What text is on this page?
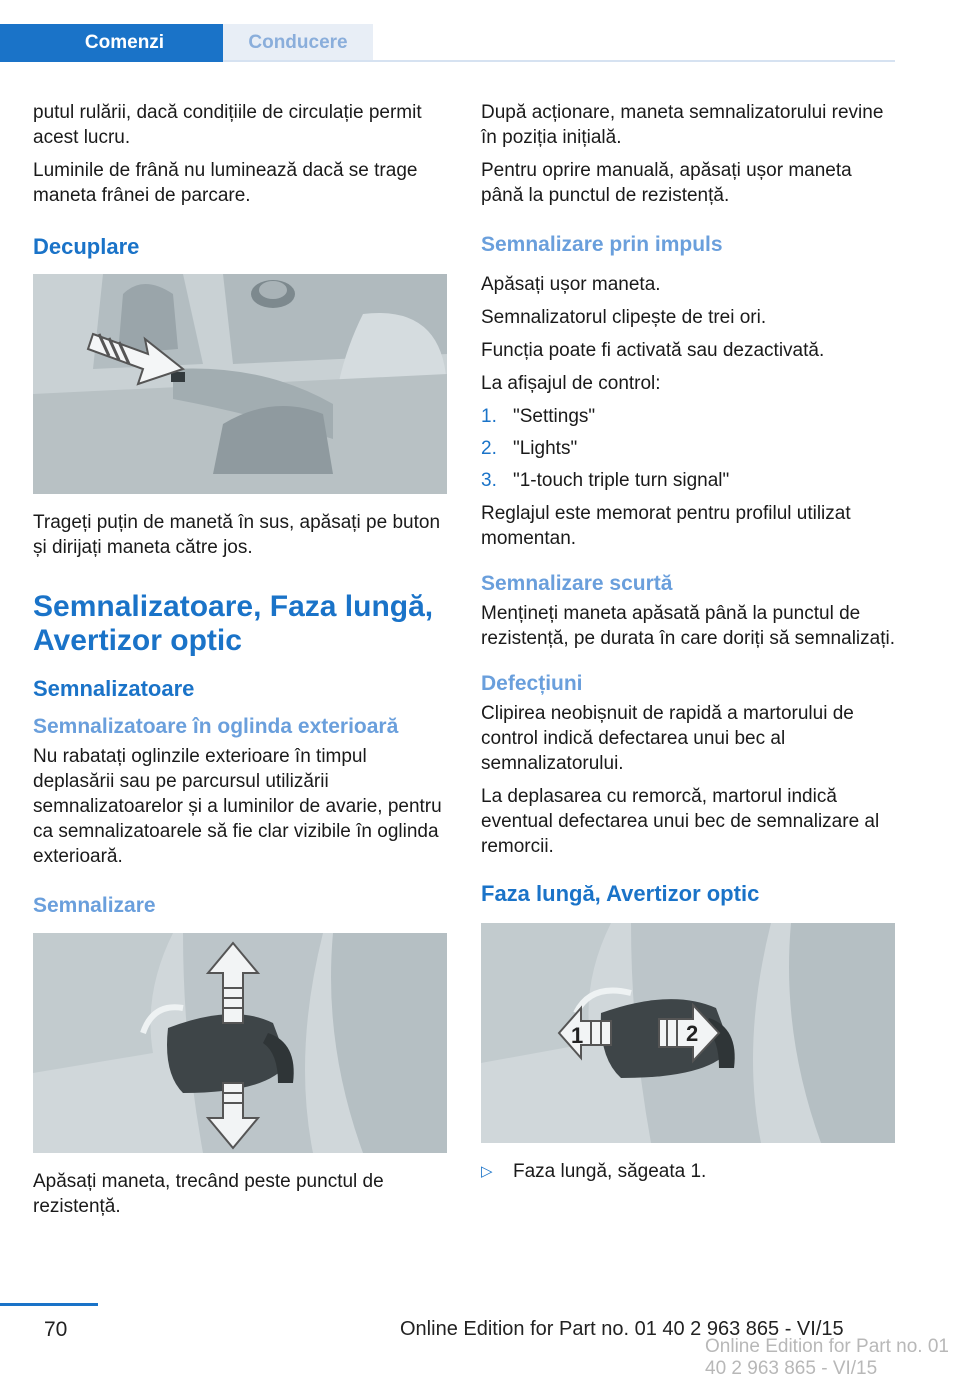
Comenzi	Conducere

putul rulării, dacă condițiile de circulație permit acest lucru.

Luminile de frână nu luminează dacă se trage maneta frânei de parcare.

Decuplare

Trageți puțin de manetă în sus, apăsați pe buton și dirijați maneta către jos.

Semnalizatoare, Faza lungă, Avertizor optic
Semnalizatoare
Semnalizatoare în oglinda exterioară

Nu rabatați oglinzile exterioare în timpul deplasării sau pe parcursul utilizării semnalizatoarelor și a luminilor de avarie, pentru ca semnalizatoarele să fie clar vizibile în oglinda exterioară.

Semnalizare

Apăsați maneta, trecând peste punctul de rezistență.

După acționare, maneta semnalizatorului revine în poziția inițială.

Pentru oprire manuală, apăsați ușor maneta până la punctul de rezistență.

Semnalizare prin impuls

Apăsați ușor maneta.

Semnalizatorul clipește de trei ori.

Funcția poate fi activată sau dezactivată.

La afișajul de control:

1. "Settings"
2. "Lights"
3. "1-touch triple turn signal"

Reglajul este memorat pentru profilul utilizat momentan.

Semnalizare scurtă

Mențineți maneta apăsată până la punctul de rezistență, pe durata în care doriți să semnalizați.

Defecțiuni

Clipirea neobișnuit de rapidă a martorului de control indică defectarea unui bec al semnalizatorului.

La deplasarea cu remorcă, martorul indică eventual defectarea unui bec de semnalizare al remorcii.

Faza lungă, Avertizor optic
1	2
▷	Faza lungă, săgeata 1.
70	Online Edition for Part no. 01 40 2 963 865 - VI/15
Online Edition for Part no. 01 40 2 963 865 - VI/15
